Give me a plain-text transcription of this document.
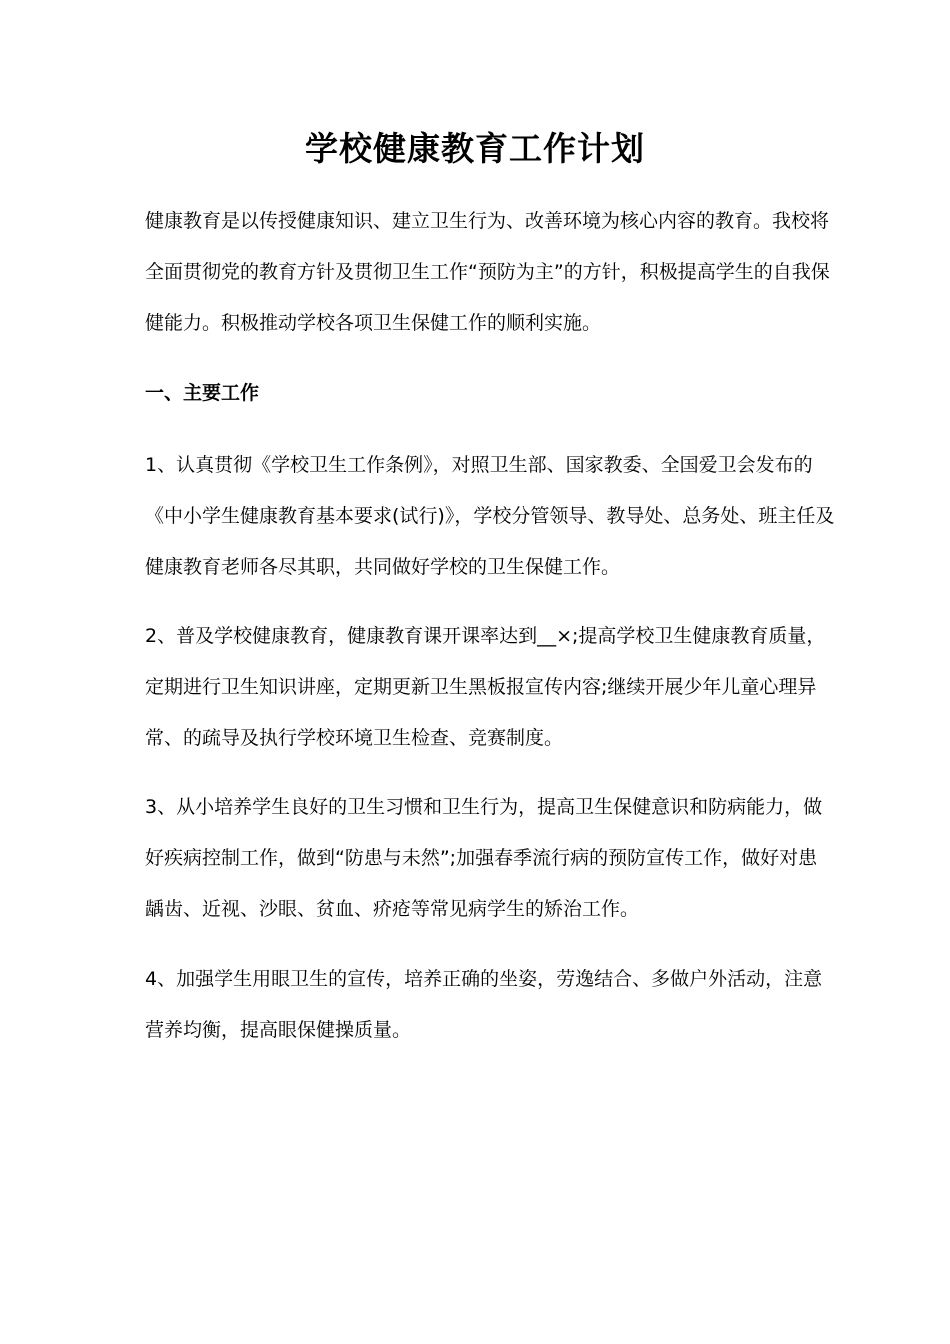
学校健康教育工作计划

健康教育是以传授健康知识、建立卫生行为、改善环境为核心内容的教育。我校将全面贯彻党的教育方针及贯彻卫生工作“预防为主”的方针，积极提高学生的自我保健能力。积极推动学校各项卫生保健工作的顺利实施。

一、主要工作

1、认真贯彻《学校卫生工作条例》，对照卫生部、国家教委、全国爱卫会发布的《中小学生健康教育基本要求(试行)》，学校分管领导、教导处、总务处、班主任及健康教育老师各尽其职，共同做好学校的卫生保健工作。

2、普及学校健康教育，健康教育课开课率达到__×;提高学校卫生健康教育质量，定期进行卫生知识讲座，定期更新卫生黑板报宣传内容;继续开展少年儿童心理异常、的疏导及执行学校环境卫生检查、竞赛制度。

3、从小培养学生良好的卫生习惯和卫生行为，提高卫生保健意识和防病能力，做好疾病控制工作，做到“防患与未然”;加强春季流行病的预防宣传工作，做好对患龋齿、近视、沙眼、贫血、疥疮等常见病学生的矫治工作。

4、加强学生用眼卫生的宣传，培养正确的坐姿，劳逸结合、多做户外活动，注意营养均衡，提高眼保健操质量。
